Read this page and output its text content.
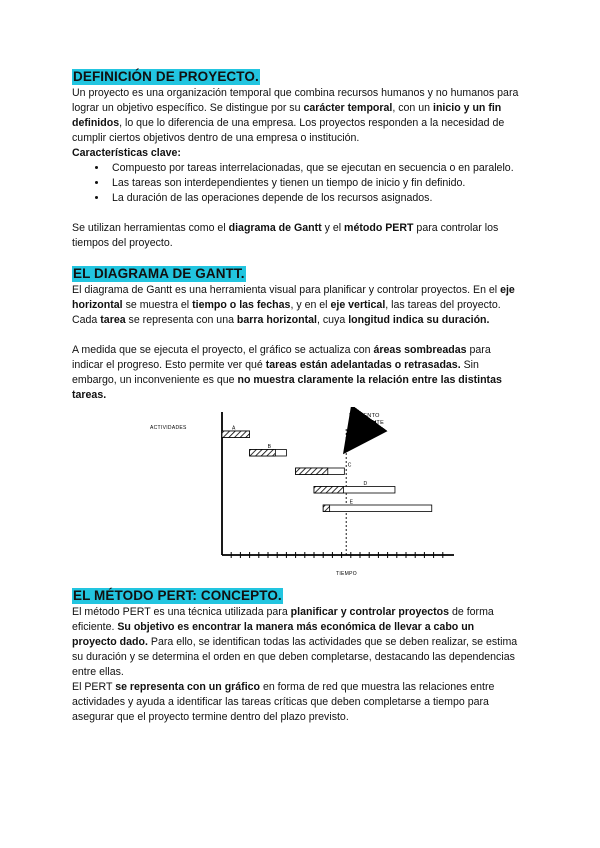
DEFINICIÓN DE PROYECTO.

Un proyecto es una organización temporal que combina recursos humanos y no humanos para lograr un objetivo específico. Se distingue por su carácter temporal, con un inicio y un fin definidos, lo que lo diferencia de una empresa. Los proyectos responden a la necesidad de cumplir ciertos objetivos dentro de una empresa o institución.

Características clave:

• Compuesto por tareas interrelacionadas, que se ejecutan en secuencia o en paralelo.
• Las tareas son interdependientes y tienen un tiempo de inicio y fin definido.
• La duración de las operaciones depende de los recursos asignados.

Se utilizan herramientas como el diagrama de Gantt y el método PERT para controlar los tiempos del proyecto.

EL DIAGRAMA DE GANTT.

El diagrama de Gantt es una herramienta visual para planificar y controlar proyectos. En el eje horizontal se muestra el tiempo o las fechas, y en el eje vertical, las tareas del proyecto. Cada tarea se representa con una barra horizontal, cuya longitud indica su duración.

A medida que se ejecuta el proyecto, el gráfico se actualiza con áreas sombreadas para indicar el progreso. Esto permite ver qué tareas están adelantadas o retrasadas. Sin embargo, un inconveniente es que no muestra claramente la relación entre las distintas tareas.

ACTIVIDADES
TIEMPO
MOMENTO
PRESENTE
A
B
C
D
E
EL MÉTODO PERT: CONCEPTO.

El método PERT es una técnica utilizada para planificar y controlar proyectos de forma eficiente. Su objetivo es encontrar la manera más económica de llevar a cabo un proyecto dado. Para ello, se identifican todas las actividades que se deben realizar, se estima su duración y se determina el orden en que deben completarse, destacando las dependencias entre ellas.

El PERT se representa con un gráfico en forma de red que muestra las relaciones entre actividades y ayuda a identificar las tareas críticas que deben completarse a tiempo para asegurar que el proyecto termine dentro del plazo previsto.
